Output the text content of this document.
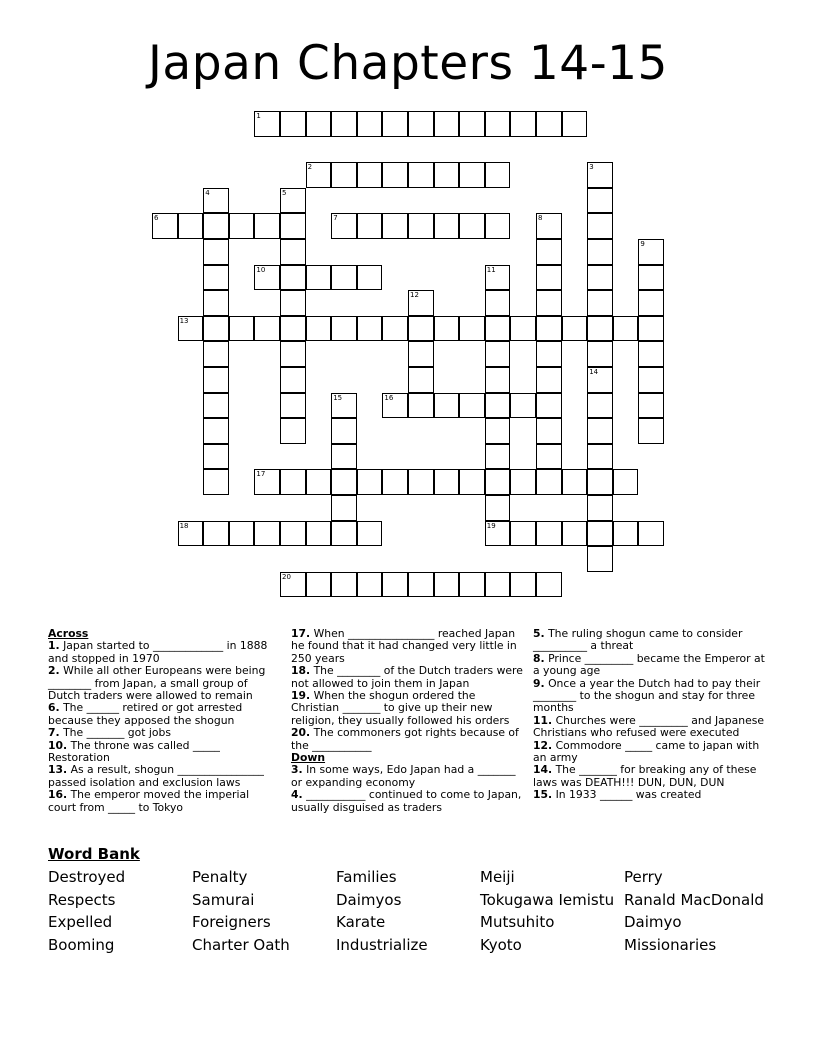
Japan Chapters 14-15
1
2	3
4	5
6	7	8
9
10	11
12
13
14
15	16
17
18	19
20
Across
1. Japan started to _____________ in 1888 and stopped in 1970
2. While all other Europeans were being ________ from Japan, a small group of Dutch traders were allowed to remain
6. The ______ retired or got arrested because they apposed the shogun
7. The _______ got jobs
10. The throne was called _____ Restoration
13. As a result, shogun ________________ passed isolation and exclusion laws
16. The emperor moved the imperial court from _____ to Tokyo
17. When ________________ reached Japan he found that it had changed very little in 250 years
18. The ________ of the Dutch traders were not allowed to join them in Japan
19. When the shogun ordered the Christian _______ to give up their new religion, they usually followed his orders
20. The commoners got rights because of the ___________
Down
3. In some ways, Edo Japan had a _______ or expanding economy
4. ___________ continued to come to Japan, usually disguised as traders
5. The ruling shogun came to consider __________ a threat
8. Prince _________ became the Emperor at a young age
9. Once a year the Dutch had to pay their ________ to the shogun and stay for three months
11. Churches were _________ and Japanese Christians who refused were executed
12. Commodore _____ came to japan with an army
14. The _______ for breaking any of these laws was DEATH!!! DUN, DUN, DUN
15. In 1933 ______ was created
Word Bank
Destroyed
Respects
Expelled
Booming
Penalty
Samurai
Foreigners
Charter Oath
Families
Daimyos
Karate
Industrialize
Meiji
Tokugawa Iemistu
Mutsuhito
Kyoto
Perry
Ranald MacDonald
Daimyo
Missionaries
